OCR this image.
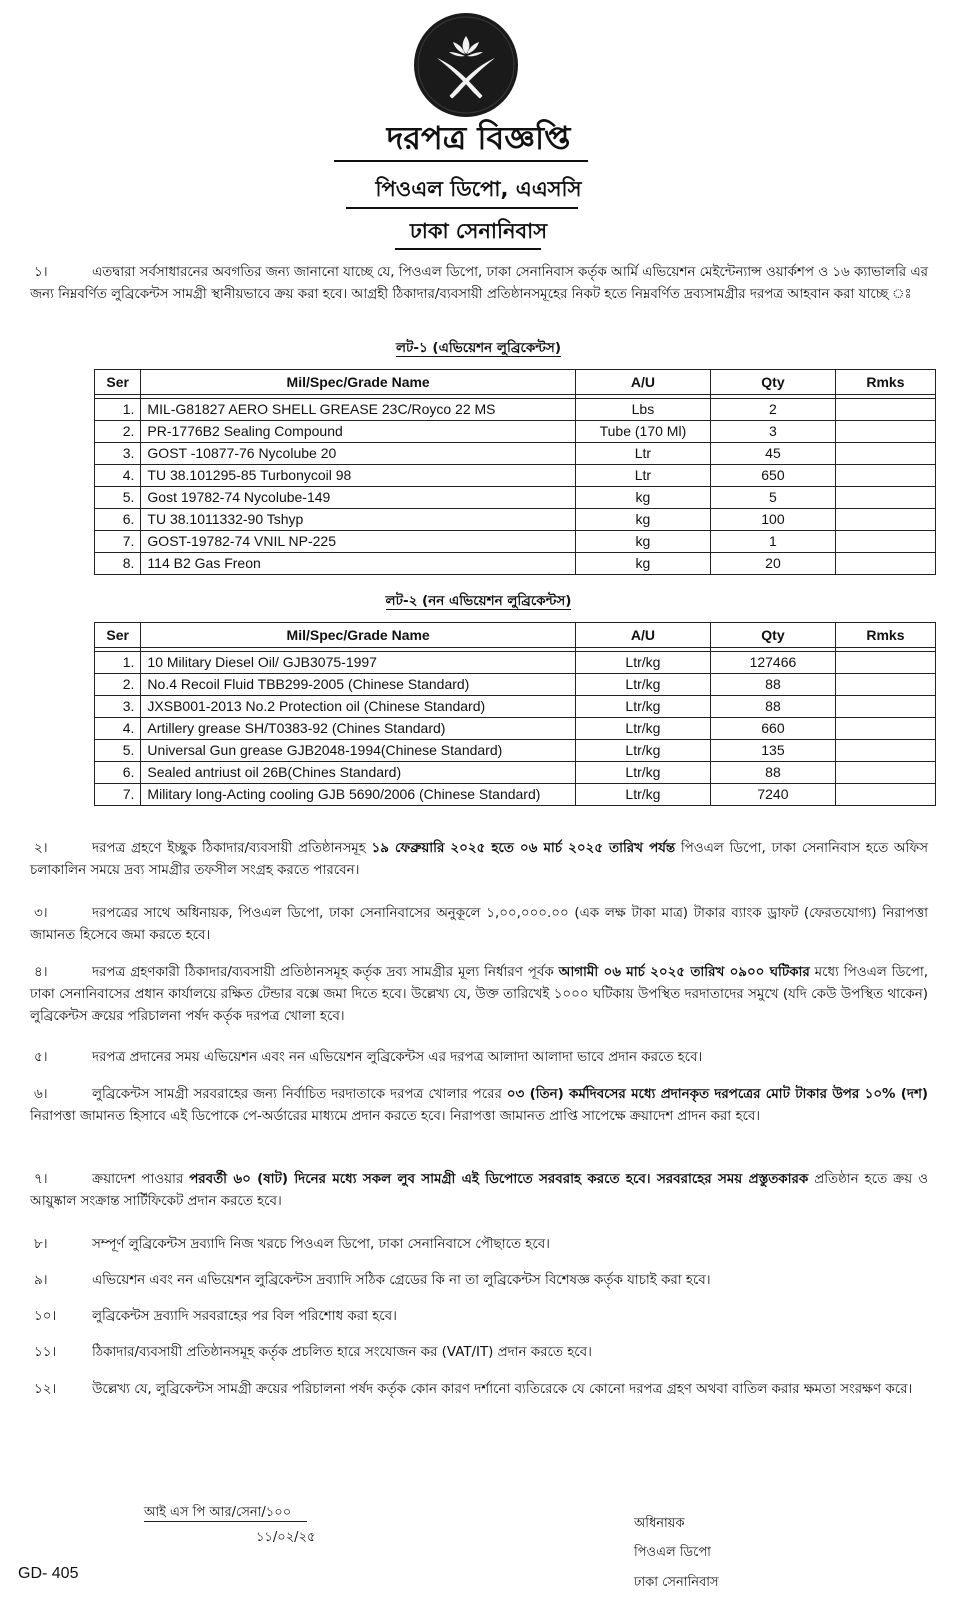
দরপত্র বিজ্ঞপ্তি
পিওএল ডিপো, এএসসি
ঢাকা সেনানিবাস
১।	এতদ্বারা সর্বসাধারনের অবগতির জন্য জানানো যাচ্ছে যে, পিওএল ডিপো, ঢাকা সেনানিবাস কর্তৃক আর্মি এভিয়েশন মেইন্টেন্যান্স ওয়ার্কশপ ও ১৬ ক্যাভালরি এর জন্য নিম্নবর্ণিত লুব্রিকেন্টস সামগ্রী স্থানীয়ভাবে ক্রয় করা হবে। আগ্রহী ঠিকাদার/ব্যবসায়ী প্রতিষ্ঠানসমূহের নিকট হতে নিম্নবর্ণিত দ্রব্যসামগ্রীর দরপত্র আহবান করা যাচ্ছে ঃ
লট-১ (এভিয়েশন লুব্রিকেন্টস)
Ser	Mil/Spec/Grade Name	A/U	Qty	Rmks

1.	MIL-G81827 AERO SHELL GREASE 23C/Royco 22 MS	Lbs	2	
2.	PR-1776B2 Sealing Compound	Tube (170 Ml)	3	
3.	GOST -10877-76 Nycolube 20	Ltr	45	
4.	TU 38.101295-85 Turbonycoil 98	Ltr	650	
5.	Gost 19782-74 Nycolube-149	kg	5	
6.	TU 38.1011332-90 Tshyp	kg	100	
7.	GOST-19782-74 VNIL NP-225	kg	1	
8.	114 B2 Gas Freon	kg	20	
লট-২ (নন এভিয়েশন লুব্রিকেন্টস)
Ser	Mil/Spec/Grade Name	A/U	Qty	Rmks

1.	10 Military Diesel Oil/ GJB3075-1997	Ltr/kg	127466	
2.	No.4 Recoil Fluid TBB299-2005 (Chinese Standard)	Ltr/kg	88	
3.	JXSB001-2013 No.2 Protection oil (Chinese Standard)	Ltr/kg	88	
4.	Artillery grease SH/T0383-92 (Chines Standard)	Ltr/kg	660	
5.	Universal Gun grease GJB2048-1994(Chinese Standard)	Ltr/kg	135	
6.	Sealed antriust oil 26B(Chines Standard)	Ltr/kg	88	
7.	Military long-Acting cooling GJB 5690/2006 (Chinese Standard)	Ltr/kg	7240	
২।	দরপত্র গ্রহণে ইচ্ছুক ঠিকাদার/ব্যবসায়ী প্রতিষ্ঠানসমূহ ১৯ ফেব্রুয়ারি ২০২৫ হতে ০৬ মার্চ ২০২৫ তারিখ পর্যন্ত পিওএল ডিপো, ঢাকা সেনানিবাস হতে অফিস চলাকালিন সময়ে দ্রব্য সামগ্রীর তফসীল সংগ্রহ করতে পারবেন।
৩।	দরপত্রের সাথে অধিনায়ক, পিওএল ডিপো, ঢাকা সেনানিবাসের অনুকূলে ১,০০,০০০.০০ (এক লক্ষ টাকা মাত্র) টাকার ব্যাংক ড্রাফট (ফেরতযোগ্য) নিরাপত্তা জামানত হিসেবে জমা করতে হবে।
৪।	দরপত্র গ্রহণকারী ঠিকাদার/ব্যবসায়ী প্রতিষ্ঠানসমূহ কর্তৃক দ্রব্য সামগ্রীর মূল্য নির্ধারণ পূর্বক আগামী ০৬ মার্চ ২০২৫ তারিখ ০৯০০ ঘটিকার মধ্যে পিওএল ডিপো, ঢাকা সেনানিবাসের প্রধান কার্যালয়ে রক্ষিত টেন্ডার বক্সে জমা দিতে হবে। উল্লেখ্য যে, উক্ত তারিখেই ১০০০ ঘটিকায় উপস্থিত দরদাতাদের সমুখে (যদি কেউ উপস্থিত থাকেন) লুব্রিকেন্টস ক্রয়ের পরিচালনা পর্ষদ কর্তৃক দরপত্র খোলা হবে।
৫।	দরপত্র প্রদানের সময় এভিয়েশন এবং নন এভিয়েশন লুব্রিকেন্টস এর দরপত্র আলাদা আলাদা ভাবে প্রদান করতে হবে।
৬।	লুব্রিকেন্টস সামগ্রী সরবরাহের জন্য নির্বাচিত দরদাতাকে দরপত্র খোলার পরের ০৩ (তিন) কর্মদিবসের মধ্যে প্রদানকৃত দরপত্রের মোট টাকার উপর ১০% (দশ) নিরাপত্তা জামানত হিসাবে এই ডিপোকে পে-অর্ডারের মাধ্যমে প্রদান করতে হবে। নিরাপত্তা জামানত প্রাপ্তি সাপেক্ষে ক্রয়াদেশ প্রাদন করা হবে।
৭।	ক্রয়াদেশ পাওয়ার পরবর্তী ৬০ (ষাট) দিনের মধ্যে সকল লুব সামগ্রী এই ডিপোতে সরবরাহ করতে হবে। সরবরাহের সময় প্রস্তুতকারক প্রতিষ্ঠান হতে ক্রয় ও আয়ুষ্কাল সংক্রান্ত সার্টিফিকেট প্রদান করতে হবে।
৮।	সম্পূর্ণ লুব্রিকেন্টস দ্রব্যাদি নিজ খরচে পিওএল ডিপো, ঢাকা সেনানিবাসে পৌছাতে হবে।
৯।	এভিয়েশন এবং নন এভিয়েশন লুব্রিকেন্টস দ্রব্যাদি সঠিক গ্রেডের কি না তা লুব্রিকেন্টস বিশেষজ্ঞ কর্তৃক যাচাই করা হবে।
১০।	লুব্রিকেন্টস দ্রব্যাদি সরবরাহের পর বিল পরিশোধ করা হবে।
১১।	ঠিকাদার/ব্যবসায়ী প্রতিষ্ঠানসমূহ কর্তৃক প্রচলিত হারে সংযোজন কর (VAT/IT) প্রদান করতে হবে।
১২।	উল্লেখ্য যে, লুব্রিকেন্টস সামগ্রী ক্রয়ের পরিচালনা পর্ষদ কর্তৃক কোন কারণ দর্শানো ব্যতিরেকে যে কোনো দরপত্র গ্রহণ অথবা বাতিল করার ক্ষমতা সংরক্ষণ করে।
আই এস পি আর/সেনা/১০০
১১/০২/২৫
অধিনায়ক
পিওএল ডিপো
ঢাকা সেনানিবাস
GD- 405
